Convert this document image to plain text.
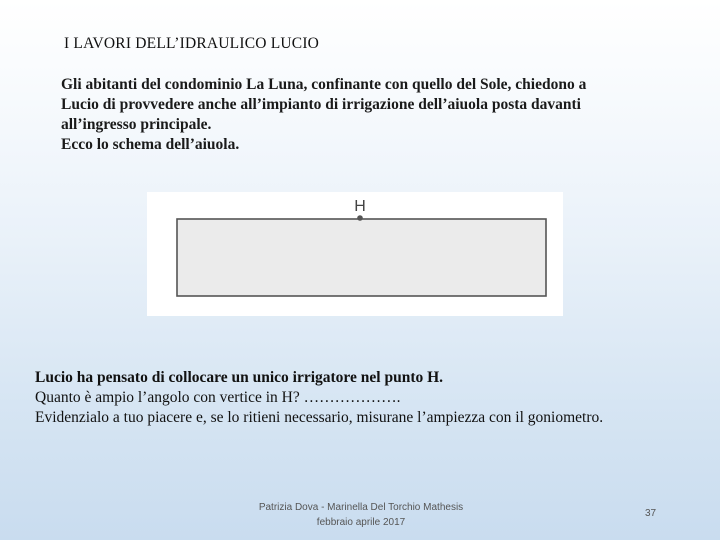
I LAVORI DELL’IDRAULICO LUCIO
Gli abitanti del condominio La Luna, confinante con quello del Sole, chiedono a
Lucio di provvedere anche all’impianto di irrigazione dell’aiuola posta davanti
all’ingresso principale.
Ecco lo schema dell’aiuola.
H
Lucio ha pensato di collocare un unico irrigatore nel punto H.
Quanto è ampio l’angolo con vertice in H? ……………….
Evidenzialo a tuo piacere e, se lo ritieni necessario, misurane l’ampiezza con il goniometro.
Patrizia Dova - Marinella Del Torchio Mathesis
febbraio aprile 2017
37
